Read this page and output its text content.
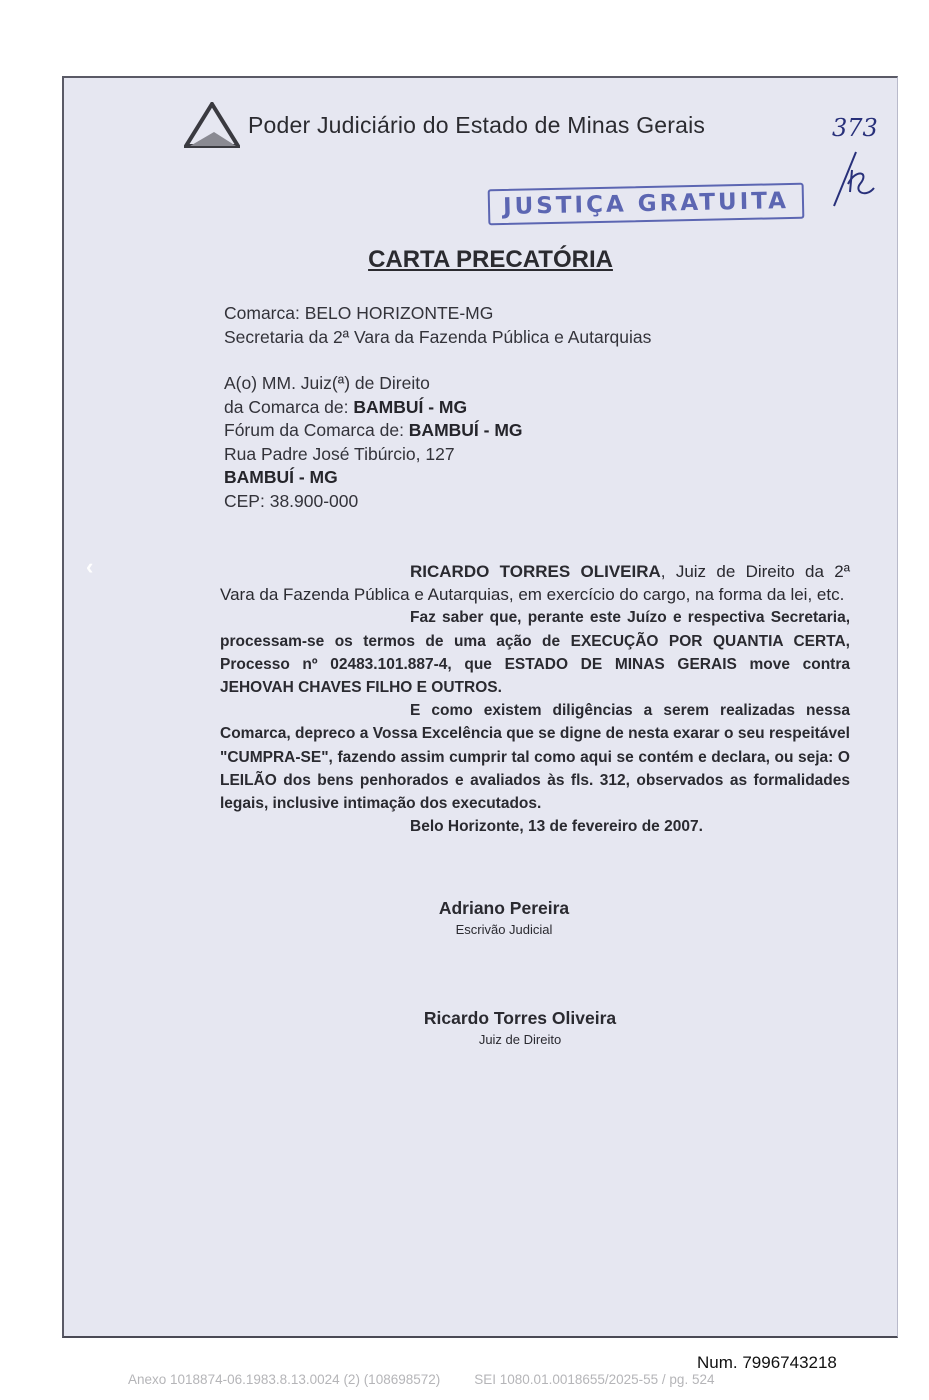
Poder Judiciário do Estado de Minas Gerais	373
JUSTIÇA GRATUITA
CARTA PRECATÓRIA
Comarca: BELO HORIZONTE-MG
Secretaria da 2ª Vara da Fazenda Pública e Autarquias
A(o) MM. Juiz(ª) de Direito
da Comarca de: BAMBUÍ - MG
Fórum da Comarca de: BAMBUÍ - MG
Rua Padre José Tibúrcio, 127
BAMBUÍ - MG
CEP: 38.900-000
‹	RICARDO TORRES OLIVEIRA, Juiz de Direito da 2ª Vara da Fazenda Pública e Autarquias, em exercício do cargo, na forma da lei, etc.

Faz saber que, perante este Juízo e respectiva Secretaria, processam-se os termos de uma ação de EXECUÇÃO POR QUANTIA CERTA, Processo nº 02483.101.887-4, que ESTADO DE MINAS GERAIS move contra JEHOVAH CHAVES FILHO E OUTROS.

E como existem diligências a serem realizadas nessa Comarca, depreco a Vossa Excelência que se digne de nesta exarar o seu respeitável "CUMPRA-SE", fazendo assim cumprir tal como aqui se contém e declara, ou seja: O LEILÃO dos bens penhorados e avaliados às fls. 312, observados as formalidades legais, inclusive intimação dos executados.

Belo Horizonte, 13 de fevereiro de 2007.

Adriano Pereira
Escrivão Judicial
Ricardo Torres Oliveira
Juiz de Direito
Num. 7996743218
Anexo 1018874-06.1983.8.13.0024 (2) (108698572)	SEI 1080.01.0018655/2025-55 / pg. 524
